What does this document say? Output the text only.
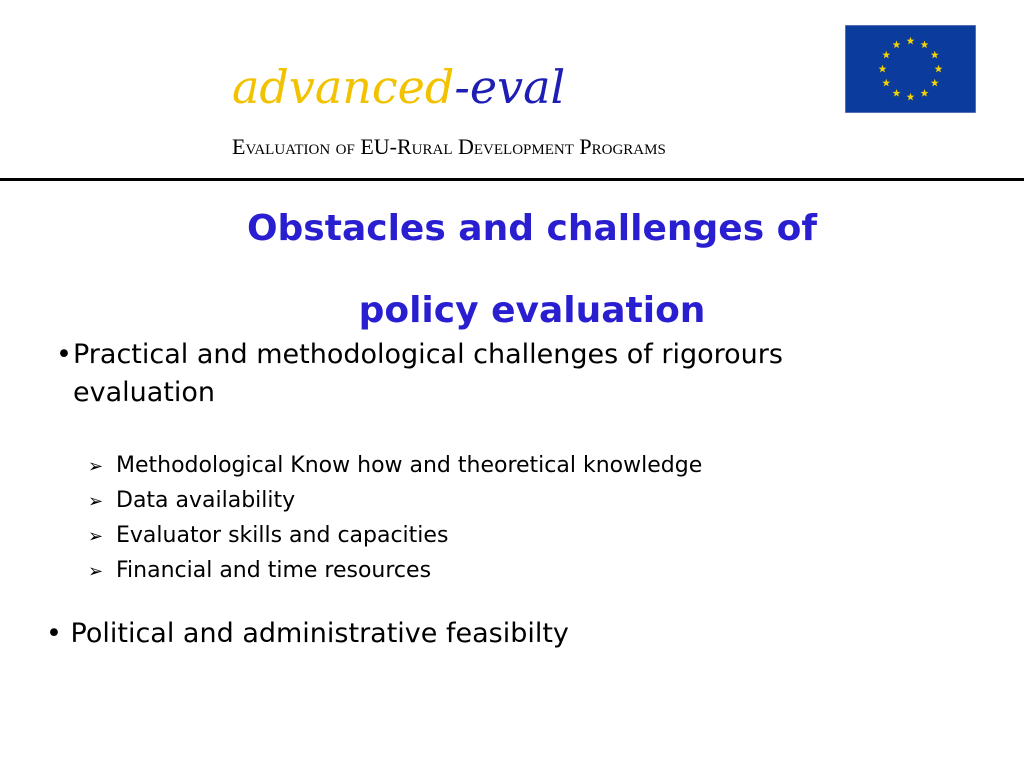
advanced-eval
Evaluation of EU-Rural Development Programs
Obstacles and challenges of
policy evaluation
• Practical and methodological challenges of rigorours evaluation
➢ Methodological Know how and theoretical knowledge
➢ Data availability
➢ Evaluator skills and capacities
➢ Financial and time resources
• Political and administrative feasibilty
